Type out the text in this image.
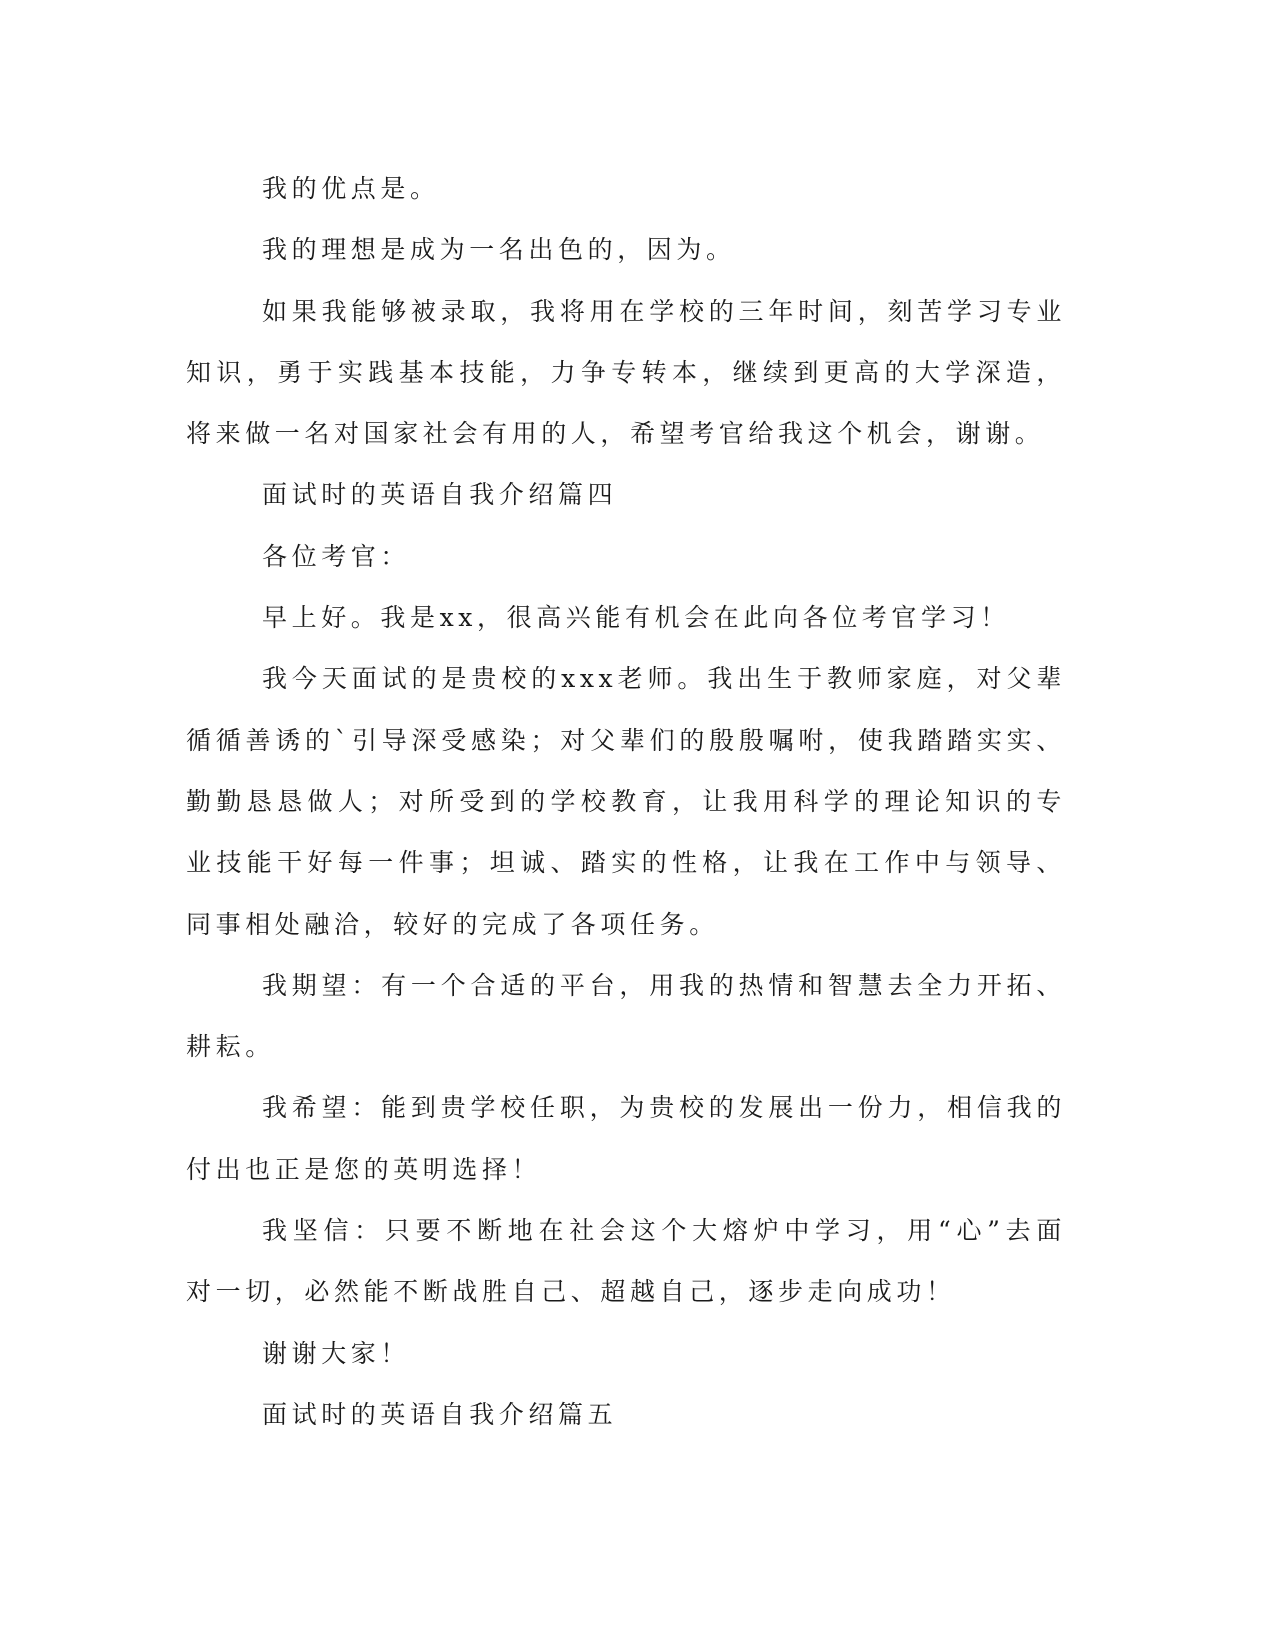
我的优点是。

我的理想是成为一名出色的，因为。

如果我能够被录取，我将用在学校的三年时间，刻苦学习专业知识，勇于实践基本技能，力争专转本，继续到更高的大学深造，将来做一名对国家社会有用的人，希望考官给我这个机会，谢谢。

面试时的英语自我介绍篇四

各位考官：

早上好。我是xx，很高兴能有机会在此向各位考官学习！

我今天面试的是贵校的xxx老师。我出生于教师家庭，对父辈循循善诱的`引导深受感染；对父辈们的殷殷嘱咐，使我踏踏实实、勤勤恳恳做人；对所受到的学校教育，让我用科学的理论知识的专业技能干好每一件事；坦诚、踏实的性格，让我在工作中与领导、同事相处融洽，较好的完成了各项任务。

我期望：有一个合适的平台，用我的热情和智慧去全力开拓、耕耘。

我希望：能到贵学校任职，为贵校的发展出一份力，相信我的付出也正是您的英明选择！

我坚信：只要不断地在社会这个大熔炉中学习，用“心”去面对一切，必然能不断战胜自己、超越自己，逐步走向成功！

谢谢大家！

面试时的英语自我介绍篇五
